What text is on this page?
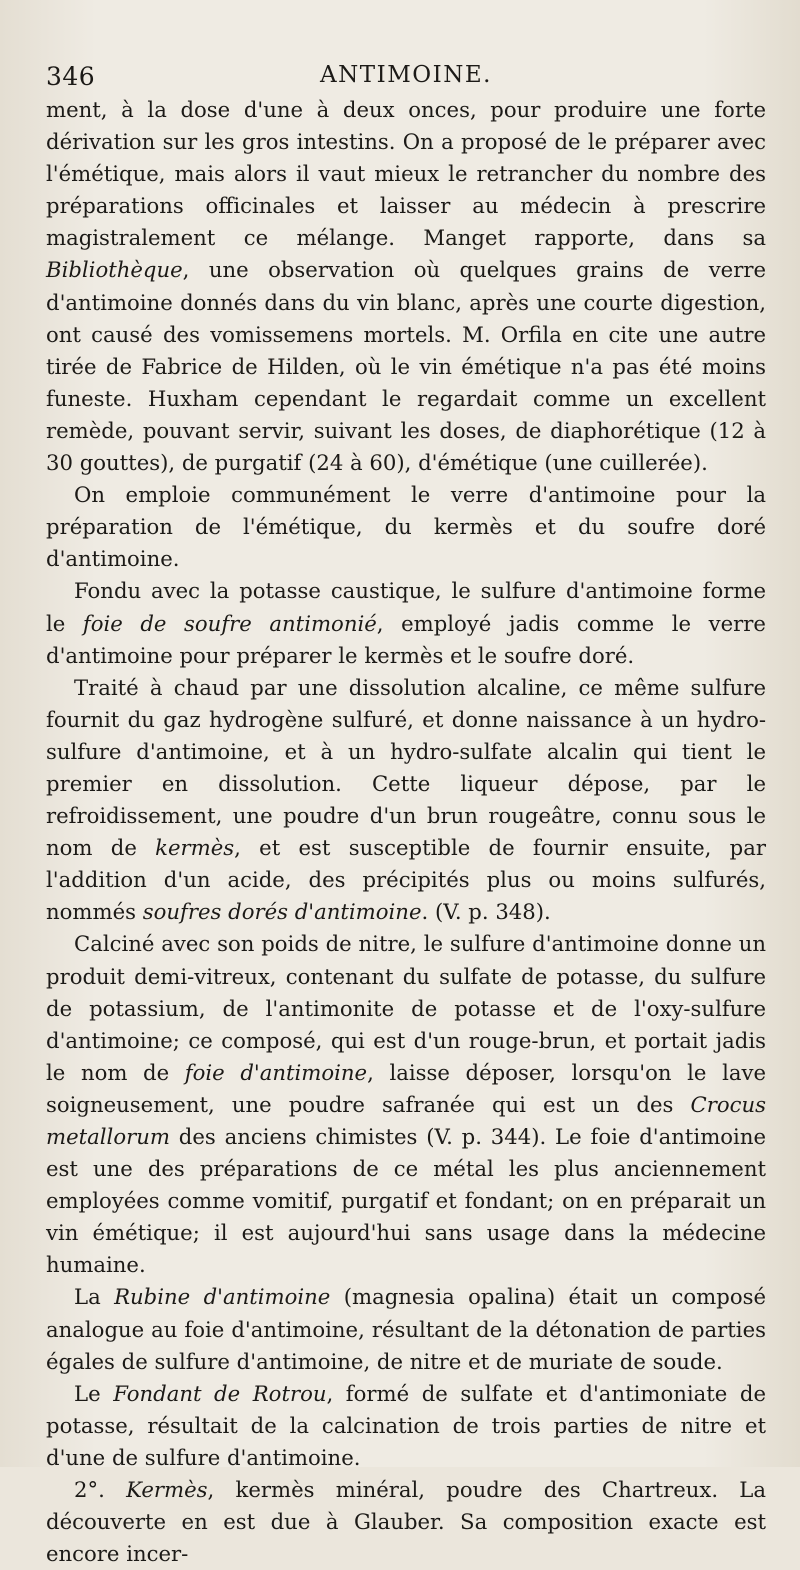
346	ANTIMOINE.

ment, à la dose d'une à deux onces, pour produire une forte dérivation sur les gros intestins. On a proposé de le préparer avec l'émétique, mais alors il vaut mieux le retrancher du nombre des préparations officinales et laisser au médecin à prescrire magistralement ce mélange. Manget rapporte, dans sa Bibliothèque, une observation où quelques grains de verre d'antimoine donnés dans du vin blanc, après une courte digestion, ont causé des vomissemens mortels. M. Orfila en cite une autre tirée de Fabrice de Hilden, où le vin émétique n'a pas été moins funeste. Huxham cependant le regardait comme un excellent remède, pouvant servir, suivant les doses, de diaphorétique (12 à 30 gouttes), de purgatif (24 à 60), d'émétique (une cuillerée).

On emploie communément le verre d'antimoine pour la préparation de l'émétique, du kermès et du soufre doré d'antimoine.

Fondu avec la potasse caustique, le sulfure d'antimoine forme le foie de soufre antimonié, employé jadis comme le verre d'antimoine pour préparer le kermès et le soufre doré.

Traité à chaud par une dissolution alcaline, ce même sulfure fournit du gaz hydrogène sulfuré, et donne naissance à un hydro-sulfure d'antimoine, et à un hydro-sulfate alcalin qui tient le premier en dissolution. Cette liqueur dépose, par le refroidissement, une poudre d'un brun rougeâtre, connu sous le nom de kermès, et est susceptible de fournir ensuite, par l'addition d'un acide, des précipités plus ou moins sulfurés, nommés soufres dorés d'antimoine. (V. p. 348).

Calciné avec son poids de nitre, le sulfure d'antimoine donne un produit demi-vitreux, contenant du sulfate de potasse, du sulfure de potassium, de l'antimonite de potasse et de l'oxy-sulfure d'antimoine; ce composé, qui est d'un rouge-brun, et portait jadis le nom de foie d'antimoine, laisse déposer, lorsqu'on le lave soigneusement, une poudre safranée qui est un des Crocus metallorum des anciens chimistes (V. p. 344). Le foie d'antimoine est une des préparations de ce métal les plus anciennement employées comme vomitif, purgatif et fondant; on en préparait un vin émétique; il est aujourd'hui sans usage dans la médecine humaine.

La Rubine d'antimoine (magnesia opalina) était un composé analogue au foie d'antimoine, résultant de la détonation de parties égales de sulfure d'antimoine, de nitre et de muriate de soude.

Le Fondant de Rotrou, formé de sulfate et d'antimoniate de potasse, résultait de la calcination de trois parties de nitre et d'une de sulfure d'antimoine.

2°. Kermès, kermès minéral, poudre des Chartreux. La découverte en est due à Glauber. Sa composition exacte est encore incer-
